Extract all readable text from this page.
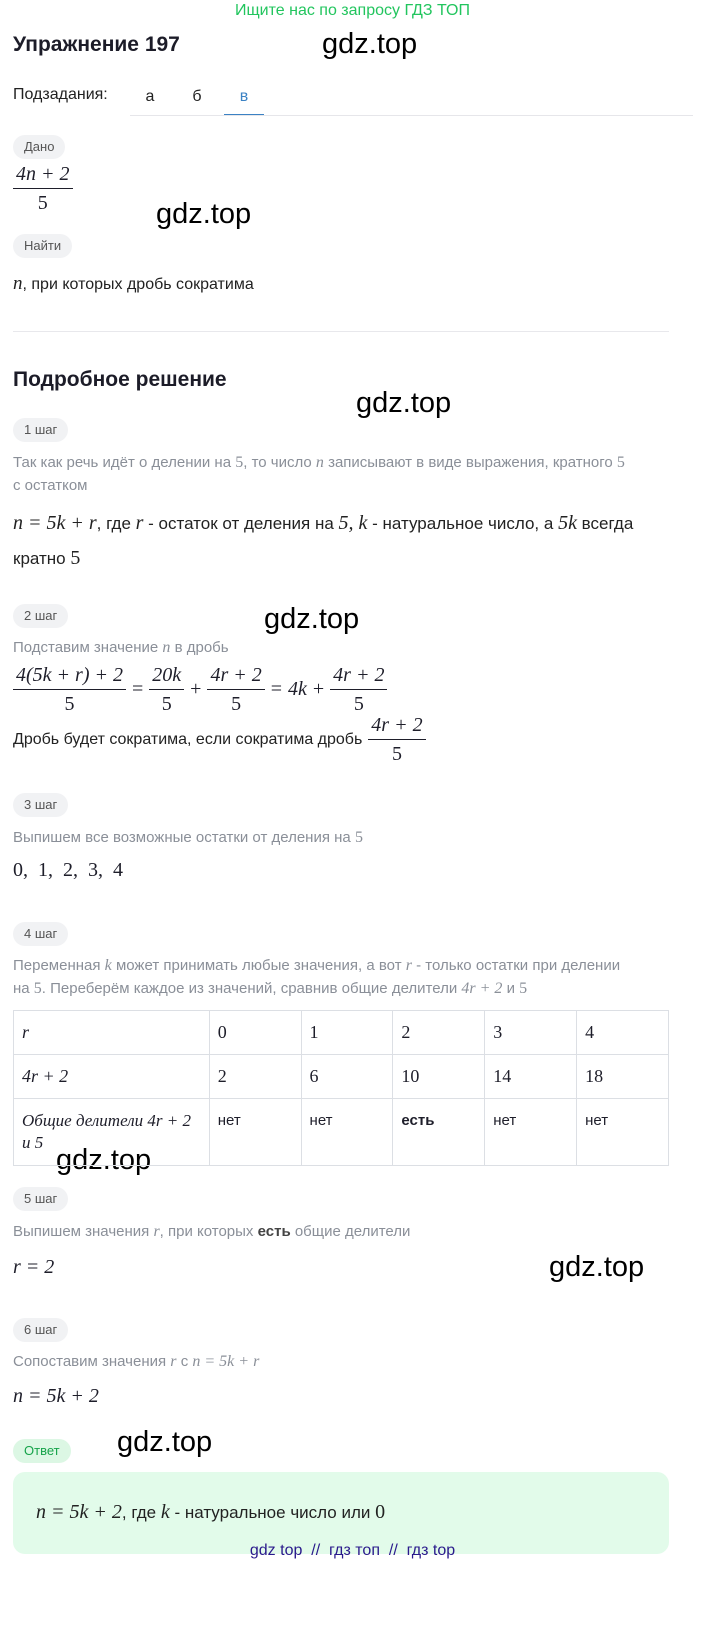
Ищите нас по запросу ГДЗ ТОП
Упражнение 197	gdz.top
gdz.top
gdz.top
gdz.top
gdz.top
gdz.top
gdz.top
Подзадания:	а	б	в
Дано
$\frac{4n + 2}{5}$
Найти
n, при которых дробь сократима
Подробное решение
1 шаг
Так как речь идёт о делении на 5, то число n записывают в виде выражения, кратного 5
с остатком
n = 5k + r, где r - остаток от деления на 5, k - натуральное число, а 5k всегда
кратно 5
2 шаг
Подставим значение n в дробь
$\frac{4(5k + r) + 2}{5} = \frac{20k}{5} + \frac{4r + 2}{5} = 4k + \frac{4r + 2}{5}$
Дробь будет сократима, если сократима дробь $\frac{4r + 2}{5}$
3 шаг
Выпишем все возможные остатки от деления на 5
0,  1,  2,  3,  4
4 шаг
Переменная k может принимать любые значения, а вот r - только остатки при делении
на 5. Переберём каждое из значений, сравнив общие делители 4r + 2 и 5
r	0	1	2	3	4
4r + 2	2	6	10	14	18
Общие делители 4r + 2 и 5	нет	нет	есть	нет	нет
5 шаг
Выпишем значения r, при которых есть общие делители
r = 2
6 шаг
Сопоставим значения r с n = 5k + r
n = 5k + 2
Ответ
n = 5k + 2, где k - натуральное число или 0
gdz top  //  гдз топ  //  гдз top
